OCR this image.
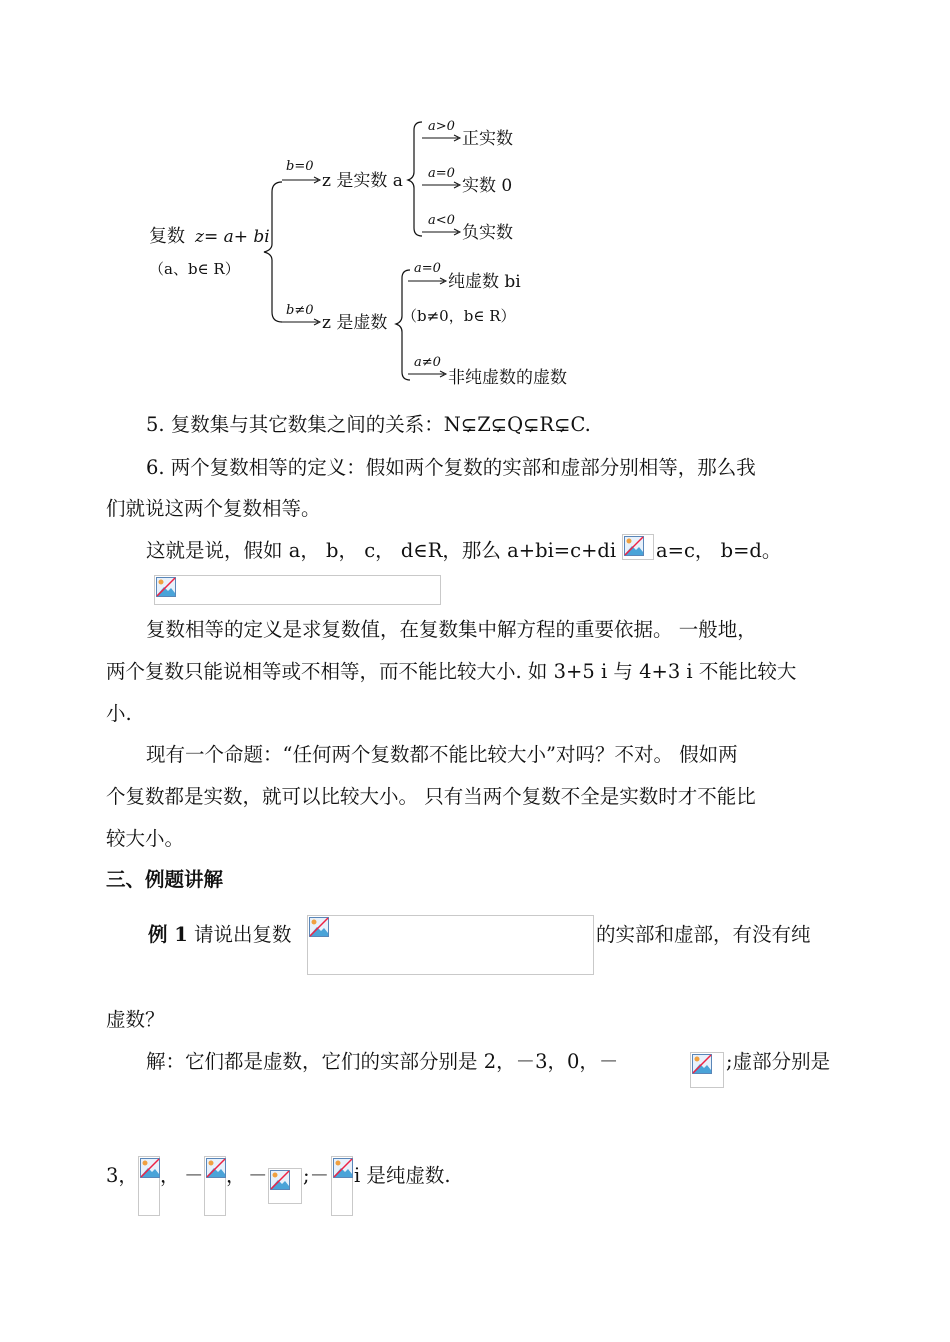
复数 z= a+ bi
（a、b∈ R）
b=0
z 是实数 a
a>0
正实数
a=0
实数 0
a<0
负实数
b≠0
z 是虚数
a=0
纯虚数 bi
（b≠0，b∈ R）
a≠0
非纯虚数的虚数
5. 复数集与其它数集之间的关系：N⊊Z⊊Q⊊R⊊C.
6. 两个复数相等的定义：假如两个复数的实部和虚部分别相等，那么我
们就说这两个复数相等。
这就是说，假如 a， b， c， d∈R，那么 a+bi=c+di a=c， b=d。
复数相等的定义是求复数值，在复数集中解方程的重要依据。 一般地，
两个复数只能说相等或不相等，而不能比较大小. 如 3+5 i 与 4+3 i 不能比较大
小.
现有一个命题：“任何两个复数都不能比较大小”对吗？不对。 假如两
个复数都是实数，就可以比较大小。 只有当两个复数不全是实数时才不能比
较大小。
三、例题讲解
例 1 请说出复数	的实部和虚部，有没有纯
虚数？
解：它们都是虚数，它们的实部分别是 2，－3，0，－	;虚部分别是
3， ， － ， － ;－ i 是纯虚数.
